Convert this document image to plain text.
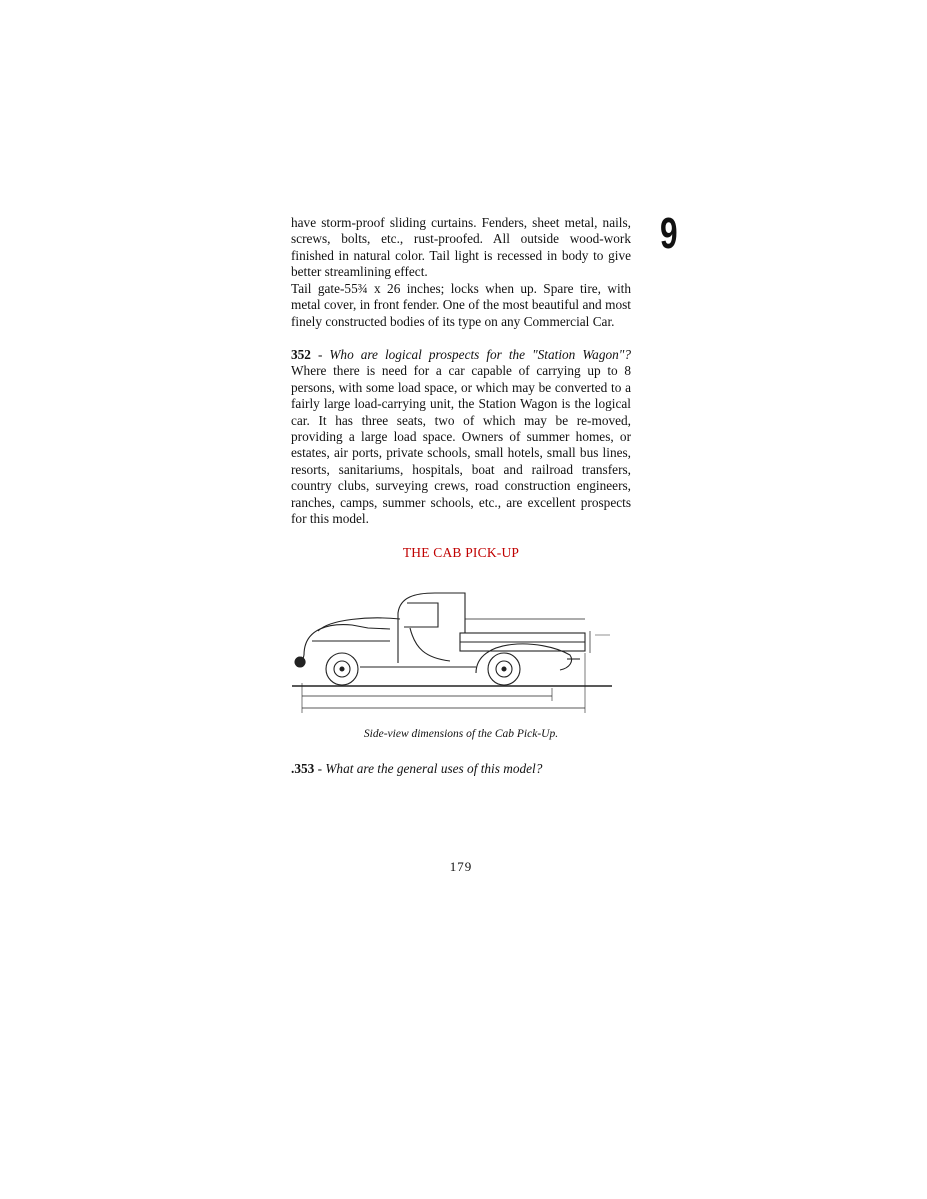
9

have storm-proof sliding curtains. Fenders, sheet metal, nails, screws, bolts, etc., rust-proofed. All outside wood-work finished in natural color. Tail light is recessed in body to give better streamlining effect.

Tail gate-55¾ x 26 inches; locks when up. Spare tire, with metal cover, in front fender. One of the most beautiful and most finely constructed bodies of its type on any Commercial Car.

352 - Who are logical prospects for the "Station Wagon"? Where there is need for a car capable of carrying up to 8 persons, with some load space, or which may be converted to a fairly large load-carrying unit, the Station Wagon is the logical car. It has three seats, two of which may be re-moved, providing a large load space. Owners of summer homes, or estates, air ports, private schools, small hotels, small bus lines, resorts, sanitariums, hospitals, boat and railroad transfers, country clubs, surveying crews, road construction engineers, ranches, camps, summer schools, etc., are excellent prospects for this model.

THE CAB PICK-UP
Side-view dimensions of the Cab Pick-Up.

.353 - What are the general uses of this model?

179
